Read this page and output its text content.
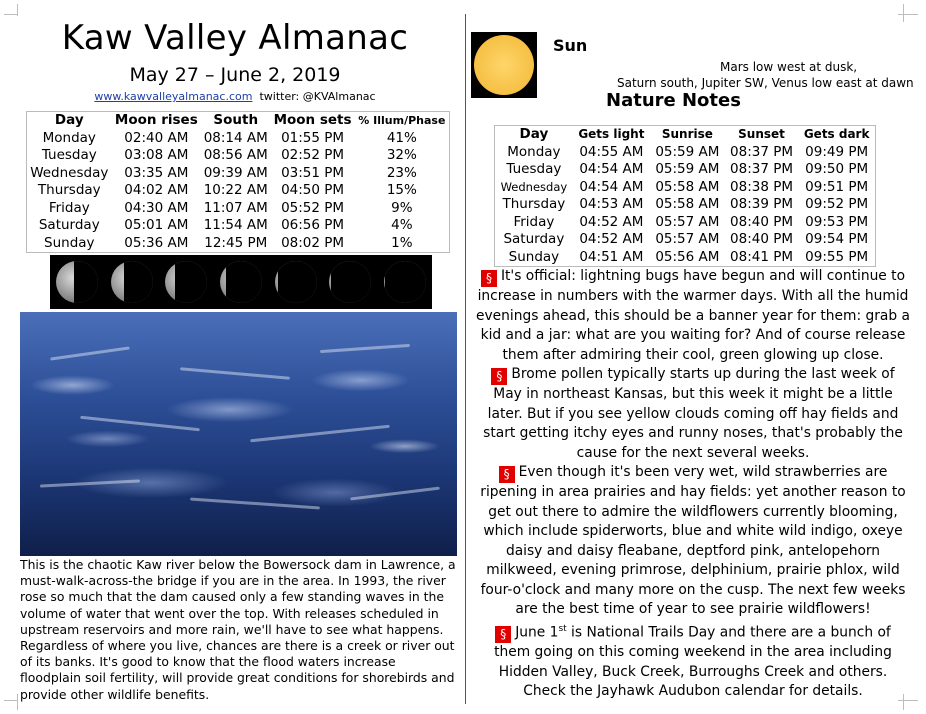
Kaw Valley Almanac
May 27 – June 2, 2019
www.kawvalleyalmanac.com twitter: @KVAlmanac
Day	Moon rises	South	Moon sets	% Illum/Phase
Monday	02:40 AM	08:14 AM	01:55 PM	41%
Tuesday	03:08 AM	08:56 AM	02:52 PM	32%
Wednesday	03:35 AM	09:39 AM	03:51 PM	23%
Thursday	04:02 AM	10:22 AM	04:50 PM	15%
Friday	04:30 AM	11:07 AM	05:52 PM	9%
Saturday	05:01 AM	11:54 AM	06:56 PM	4%
Sunday	05:36 AM	12:45 PM	08:02 PM	1%
This is the chaotic Kaw river below the Bowersock dam in Lawrence, a must-walk-across-the bridge if you are in the area. In 1993, the river rose so much that the dam caused only a few standing waves in the volume of water that went over the top. With releases scheduled in upstream reservoirs and more rain, we'll have to see what happens. Regardless of where you live, chances are there is a creek or river out of its banks. It's good to know that the flood waters increase floodplain soil fertility, will provide great conditions for shorebirds and provide other wildlife benefits.
Sun
Mars low west at dusk,
Saturn south, Jupiter SW, Venus low east at dawn
Nature Notes
Day	Gets light	Sunrise	Sunset	Gets dark
Monday	04:55 AM	05:59 AM	08:37 PM	09:49 PM
Tuesday	04:54 AM	05:59 AM	08:37 PM	09:50 PM
Wednesday	04:54 AM	05:58 AM	08:38 PM	09:51 PM
Thursday	04:53 AM	05:58 AM	08:39 PM	09:52 PM
Friday	04:52 AM	05:57 AM	08:40 PM	09:53 PM
Saturday	04:52 AM	05:57 AM	08:40 PM	09:54 PM
Sunday	04:51 AM	05:56 AM	08:41 PM	09:55 PM

§ It's official: lightning bugs have begun and will continue to increase in numbers with the warmer days. With all the humid evenings ahead, this should be a banner year for them: grab a kid and a jar: what are you waiting for? And of course release them after admiring their cool, green glowing up close.

§ Brome pollen typically starts up during the last week of May in northeast Kansas, but this week it might be a little later. But if you see yellow clouds coming off hay fields and start getting itchy eyes and runny noses, that's probably the cause for the next several weeks.

§ Even though it's been very wet, wild strawberries are ripening in area prairies and hay fields: yet another reason to get out there to admire the wildflowers currently blooming, which include spiderworts, blue and white wild indigo, oxeye daisy and daisy fleabane, deptford pink, antelopehorn milkweed, evening primrose, delphinium, prairie phlox, wild four-o'clock and many more on the cusp. The next few weeks are the best time of year to see prairie wildflowers!

§ June 1st is National Trails Day and there are a bunch of them going on this coming weekend in the area including Hidden Valley, Buck Creek, Burroughs Creek and others. Check the Jayhawk Audubon calendar for details.
